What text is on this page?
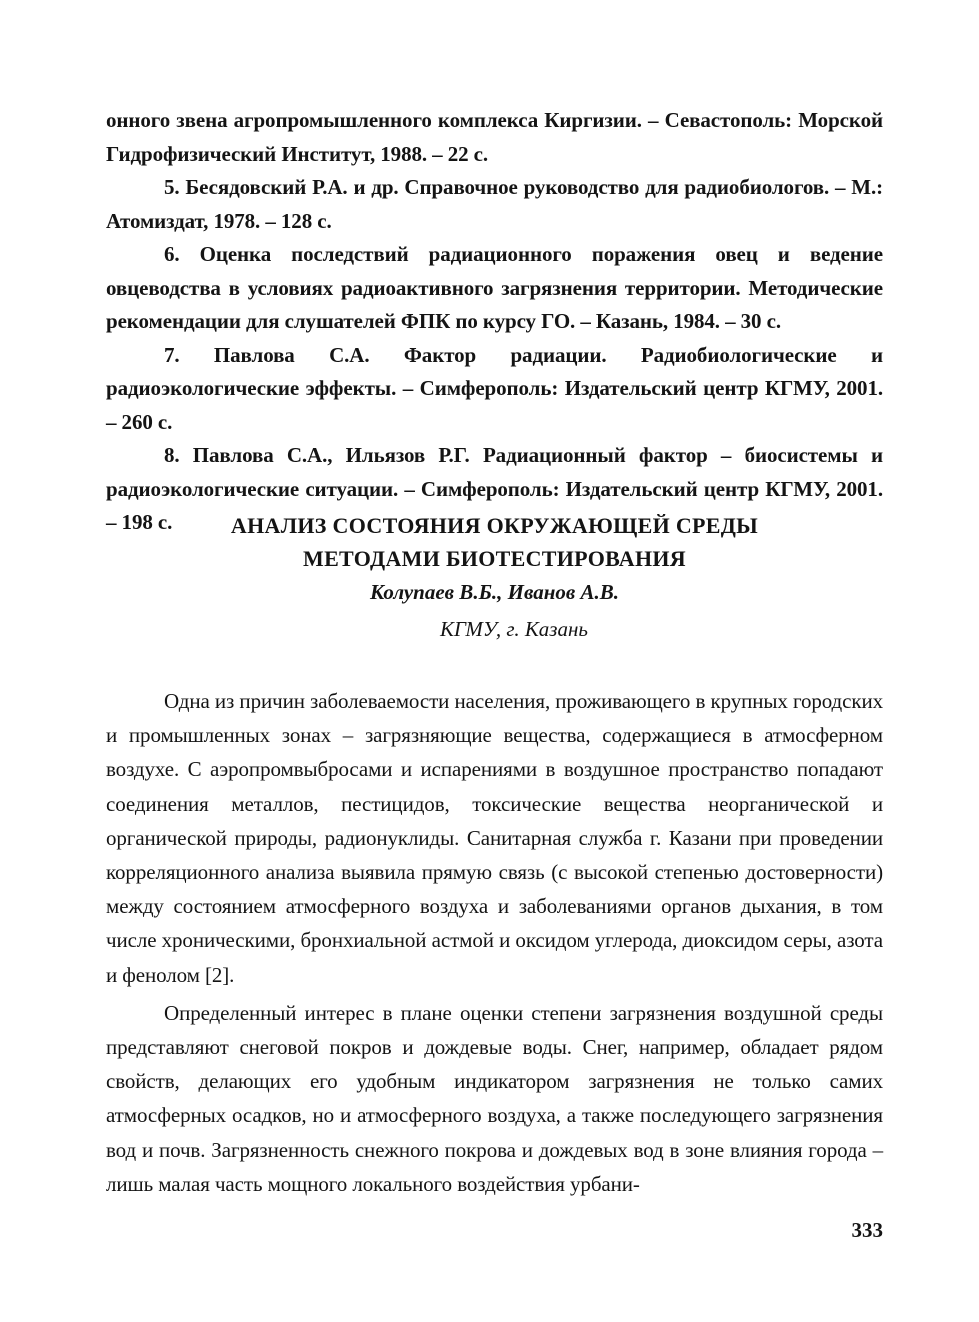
онного звена агропромышленного комплекса Киргизии. – Севастополь: Морской Гидрофизический Институт, 1988. – 22 с.

5. Бесядовский Р.А. и др. Справочное руководство для радиобиологов. – М.: Атомиздат, 1978. – 128 с.

6. Оценка последствий радиационного поражения овец и ведение овцеводства в условиях радиоактивного загрязнения территории. Методические рекомендации для слушателей ФПК по курсу ГО. – Казань, 1984. – 30 с.

7. Павлова С.А. Фактор радиации. Радиобиологические и радиоэкологические эффекты. – Симферополь: Издательский центр КГМУ, 2001. – 260 с.

8. Павлова С.А., Ильязов Р.Г. Радиационный фактор – биосистемы и радиоэкологические ситуации. – Симферополь: Издательский центр КГМУ, 2001. – 198 с.	АНАЛИЗ СОСТОЯНИЯ ОКРУЖАЮЩЕЙ СРЕДЫ
МЕТОДАМИ БИОТЕСТИРОВАНИЯ
Колупаев В.Б., Иванов А.В.
КГМУ, г. Казань

Одна из причин заболеваемости населения, проживающего в крупных городских и промышленных зонах – загрязняющие вещества, содержащиеся в атмосферном воздухе. С аэропромвыбросами и испарениями в воздушное пространство попадают соединения металлов, пестицидов, токсические вещества неорганической и органической природы, радионуклиды. Санитарная служба г. Казани при проведении корреляционного анализа выявила прямую связь (с высокой степенью достоверности) между состоянием атмосферного воздуха и заболеваниями органов дыхания, в том числе хроническими, бронхиальной астмой и оксидом углерода, диоксидом серы, азота и фенолом [2].

Определенный интерес в плане оценки степени загрязнения воздушной среды представляют снеговой покров и дождевые воды. Снег, например, обладает рядом свойств, делающих его удобным индикатором загрязнения не только самих атмосферных осадков, но и атмосферного воздуха, а также последующего загрязнения вод и почв. Загрязненность снежного покрова и дождевых вод в зоне влияния города – лишь малая часть мощного локального воздействия урбани-

333
